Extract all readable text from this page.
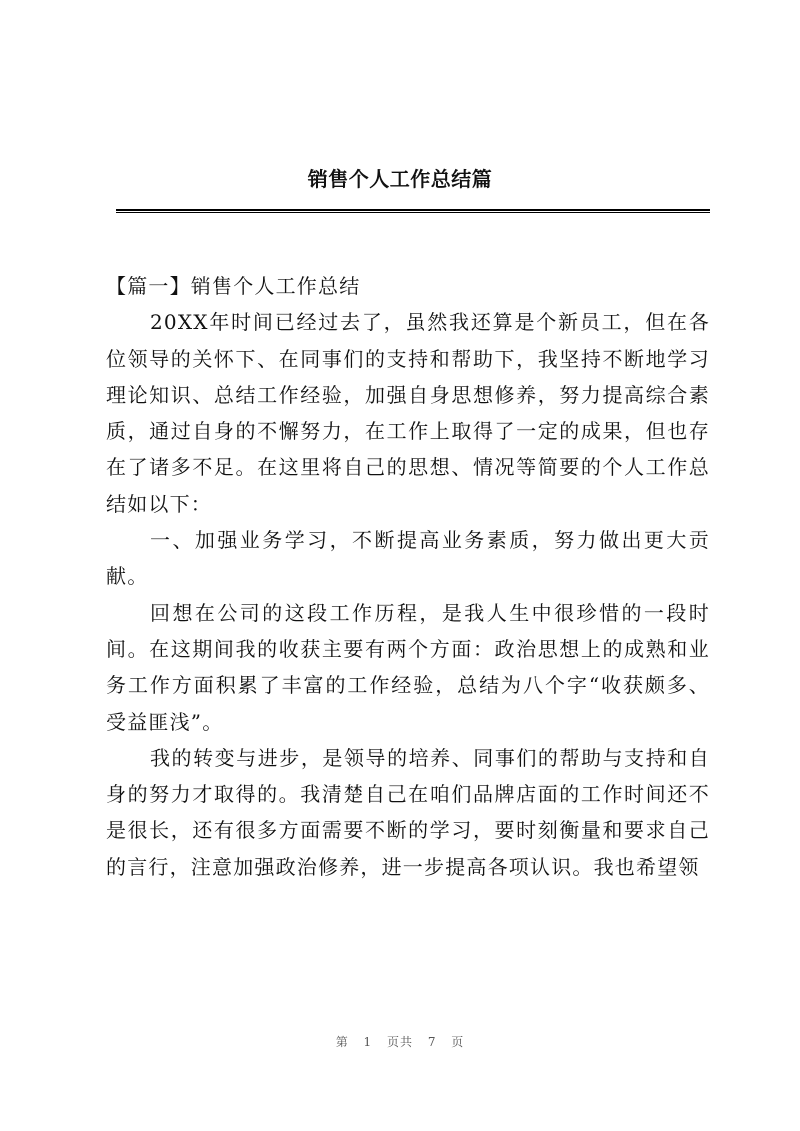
销售个人工作总结篇

【篇一】销售个人工作总结

20XX年时间已经过去了，虽然我还算是个新员工，但在各位领导的关怀下、在同事们的支持和帮助下，我坚持不断地学习理论知识、总结工作经验，加强自身思想修养，努力提高综合素质，通过自身的不懈努力，在工作上取得了一定的成果，但也存在了诸多不足。在这里将自己的思想、情况等简要的个人工作总结如以下：

一、加强业务学习，不断提高业务素质，努力做出更大贡献。

回想在公司的这段工作历程，是我人生中很珍惜的一段时间。在这期间我的收获主要有两个方面：政治思想上的成熟和业务工作方面积累了丰富的工作经验，总结为八个字“收获颇多、受益匪浅”。

我的转变与进步，是领导的培养、同事们的帮助与支持和自身的努力才取得的。我清楚自己在咱们品牌店面的工作时间还不是很长，还有很多方面需要不断的学习，要时刻衡量和要求自己的言行，注意加强政治修养，进一步提高各项认识。我也希望领

第 1 页共 7 页
